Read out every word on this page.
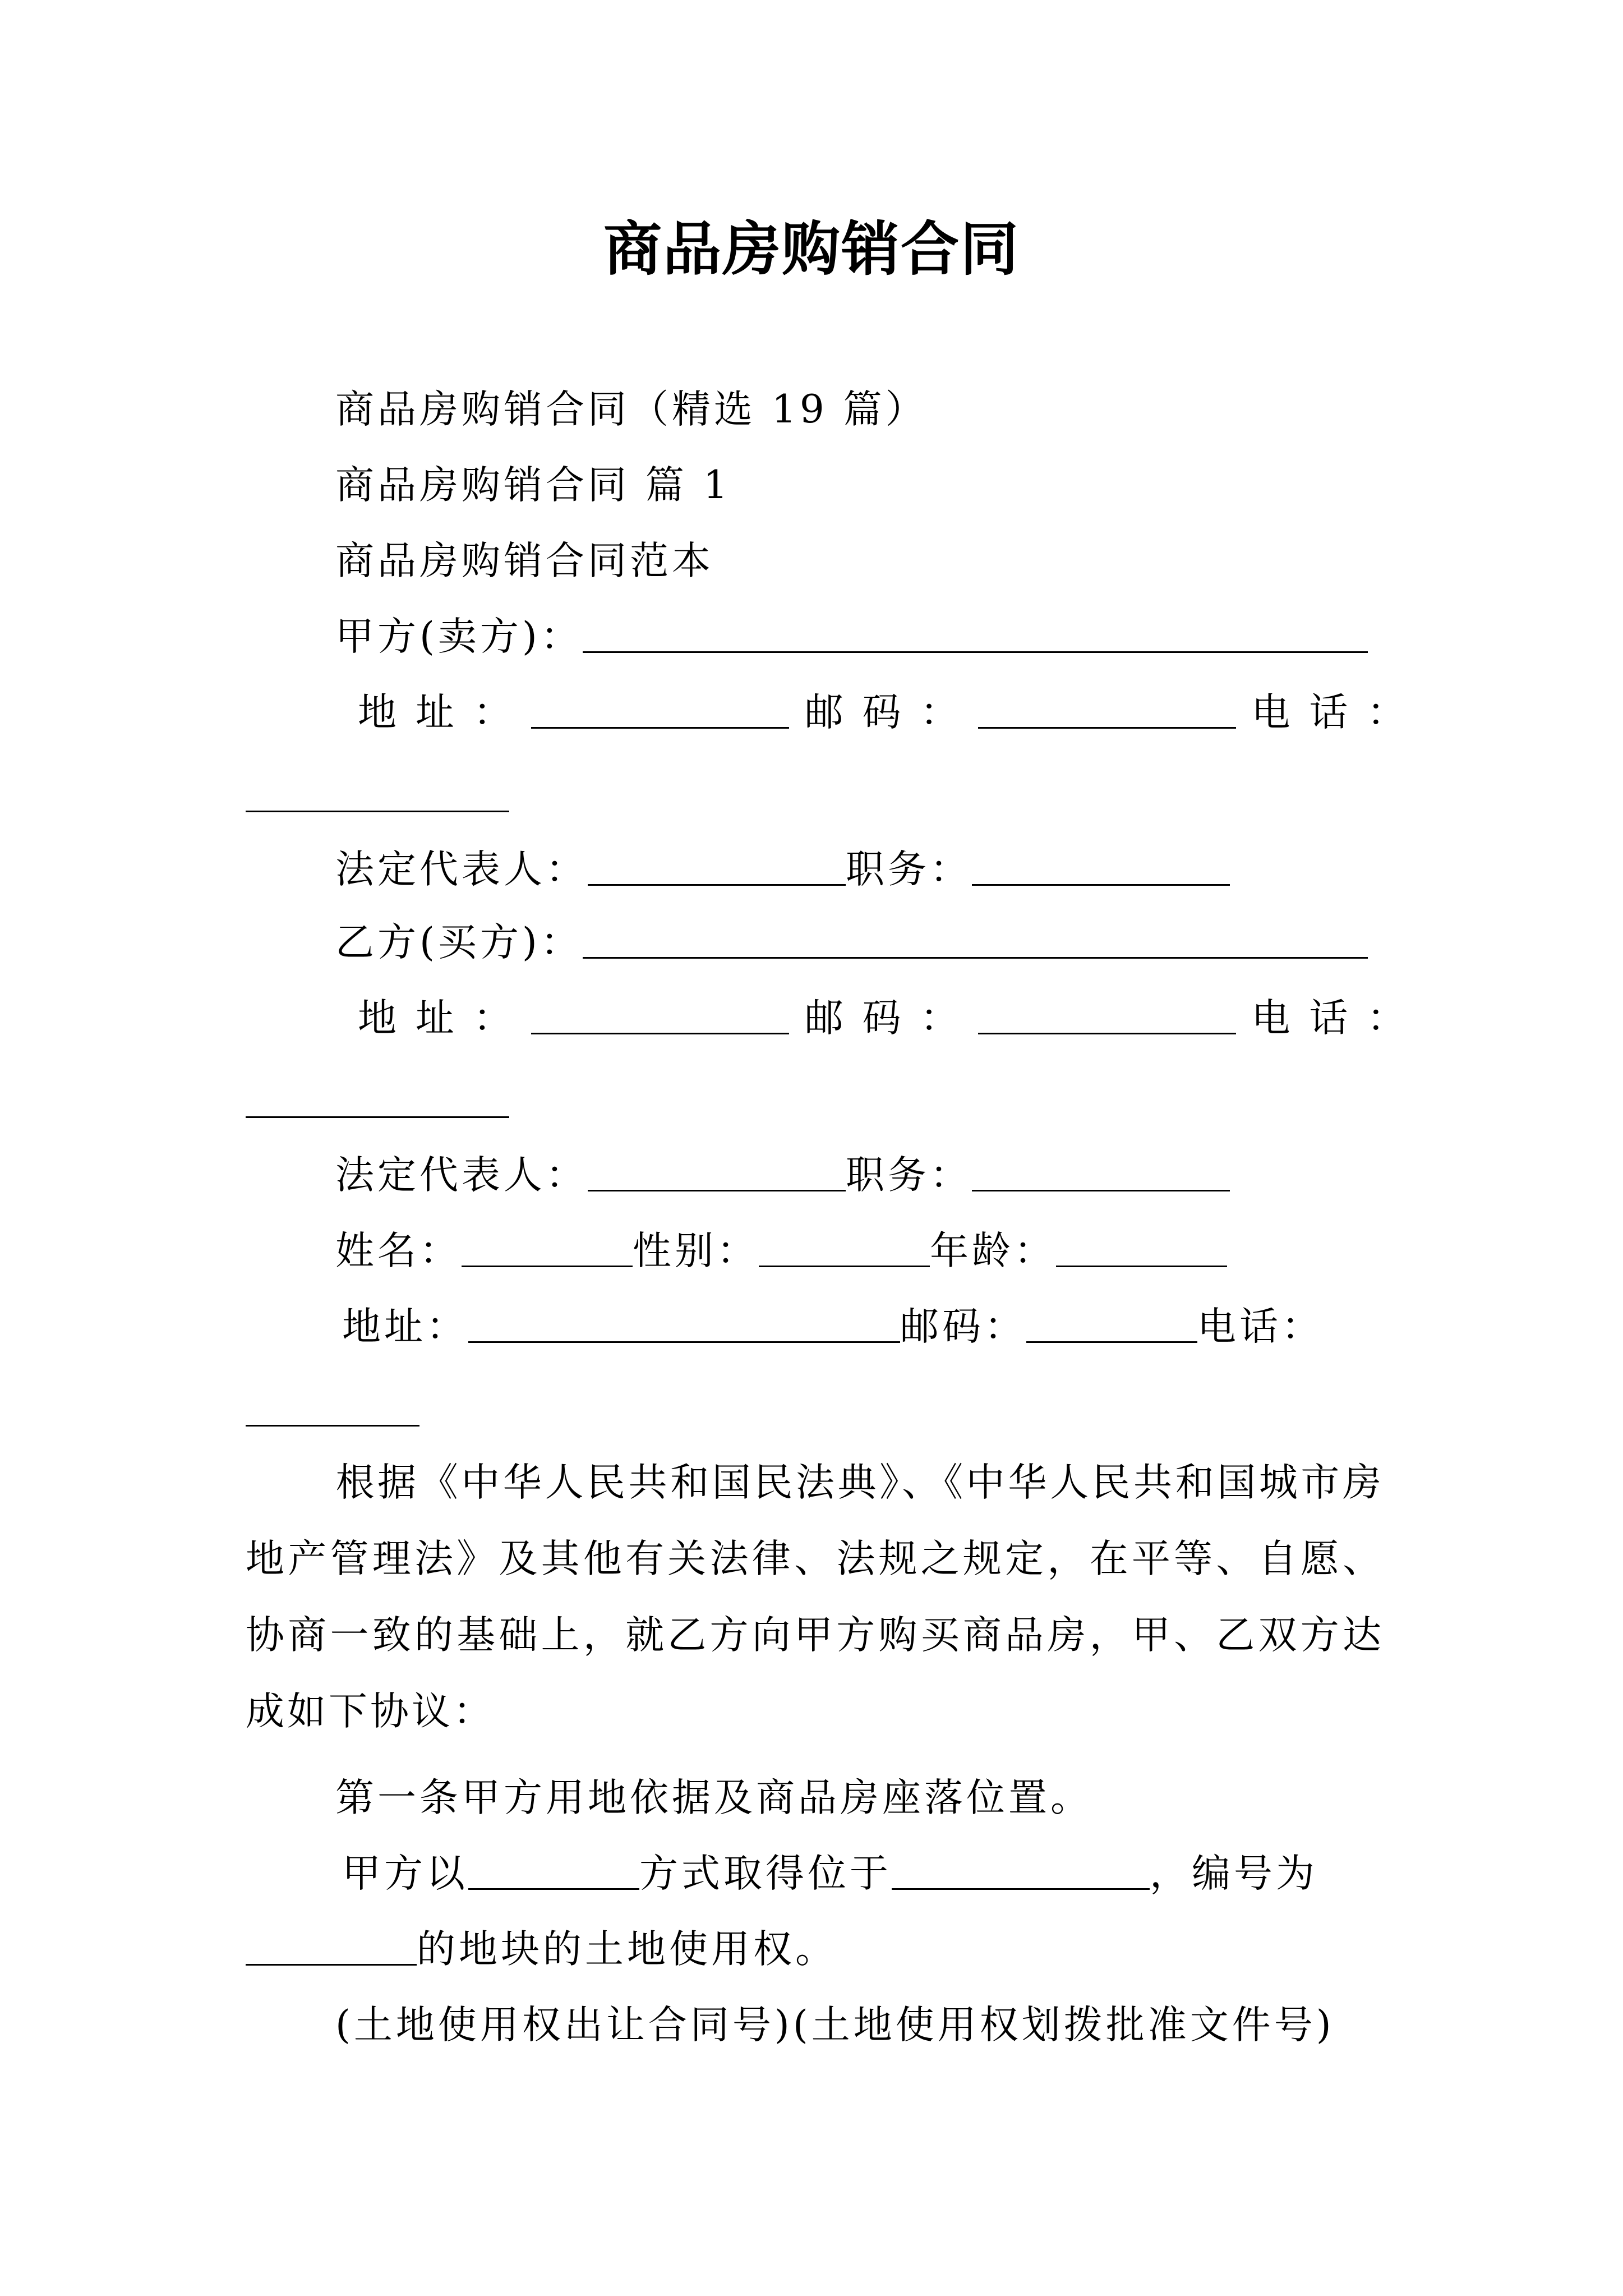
商品房购销合同
商品房购销合同（精选 19 篇）
商品房购销合同 篇 1
商品房购销合同范本
甲方(卖方)：
地 址 ：	邮 码 ：	电 话 ：
法定代表人：	职务：
乙方(买方)：
地 址 ：	邮 码 ：	电 话 ：
法定代表人：	职务：
姓名：	性别：	年龄：
地址：	邮码：	电话：
根据《中华人民共和国民法典》、《中华人民共和国城市房地产管理法》及其他有关法律、法规之规定，在平等、自愿、协商一致的基础上，就乙方向甲方购买商品房，甲、乙双方达成如下协议：
第一条甲方用地依据及商品房座落位置。
甲方以	方式取得位于	，编号为
的地块的土地使用权。
(土地使用权出让合同号)(土地使用权划拨批准文件号)
